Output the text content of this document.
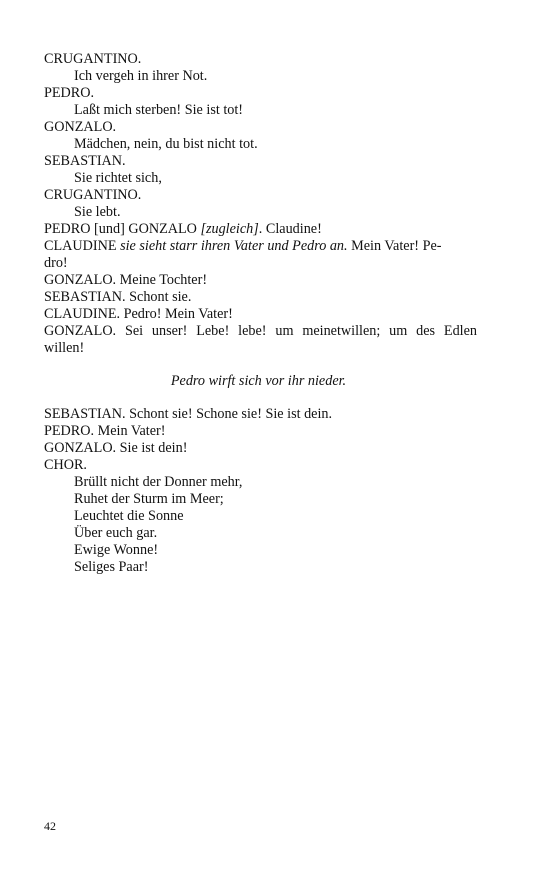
CRUGANTINO.
Ich vergeh in ihrer Not.
PEDRO.
Laßt mich sterben! Sie ist tot!
GONZALO.
Mädchen, nein, du bist nicht tot.
SEBASTIAN.
Sie richtet sich,
CRUGANTINO.
Sie lebt.
PEDRO [und] GONZALO [zugleich]. Claudine!
CLAUDINE sie sieht starr ihren Vater und Pedro an. Mein Vater! Pe-
dro!
GONZALO. Meine Tochter!
SEBASTIAN. Schont sie.
CLAUDINE. Pedro! Mein Vater!
GONZALO. Sei unser! Lebe! lebe! um meinetwillen; um des Edlen
willen!
Pedro wirft sich vor ihr nieder.
SEBASTIAN. Schont sie! Schone sie! Sie ist dein.
PEDRO. Mein Vater!
GONZALO. Sie ist dein!
CHOR.
Brüllt nicht der Donner mehr,
Ruhet der Sturm im Meer;
Leuchtet die Sonne
Über euch gar.
Ewige Wonne!
Seliges Paar!
42
